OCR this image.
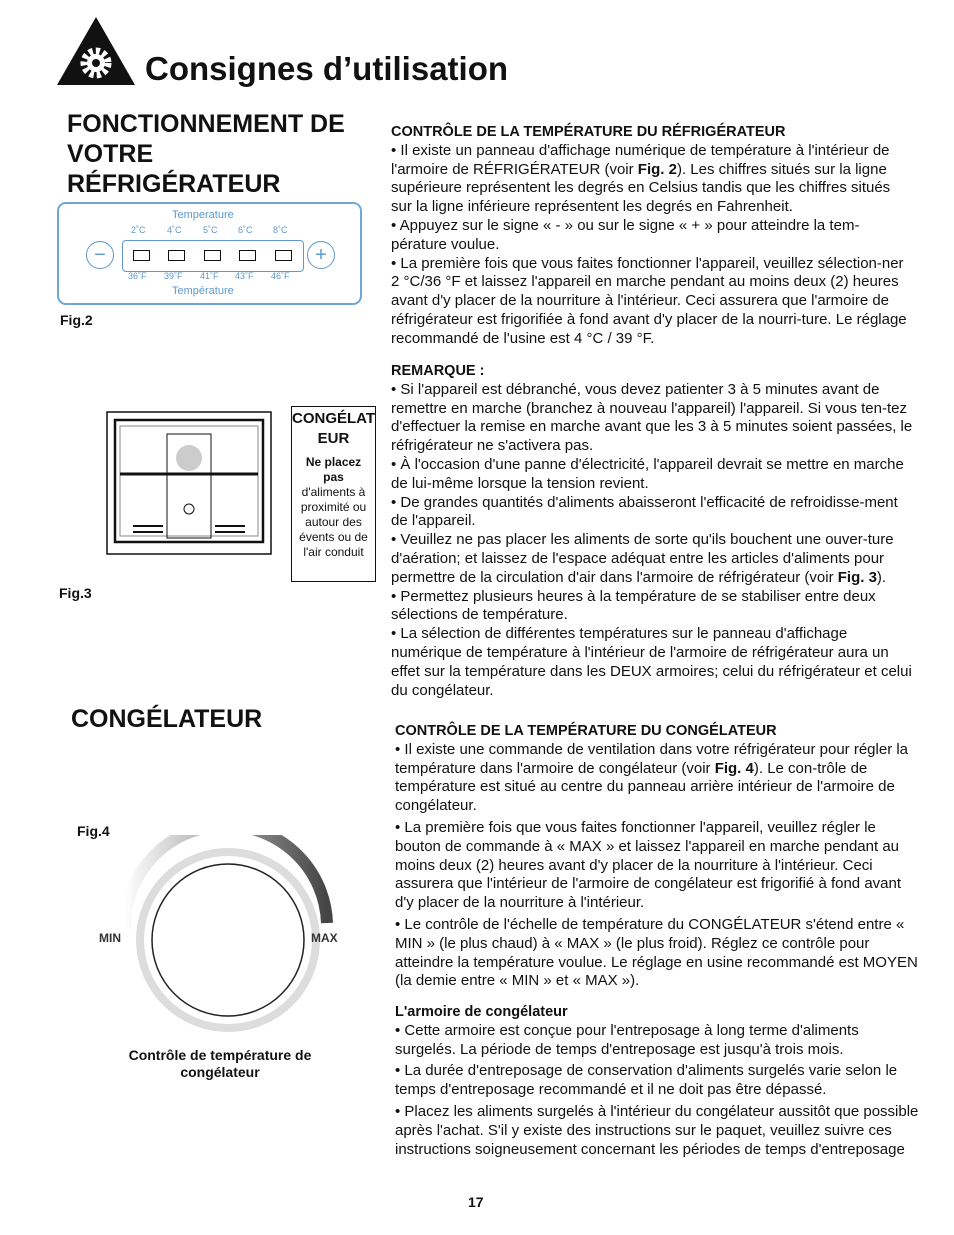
Consignes d’utilisation
FONCTIONNEMENT DE VOTRE RÉFRIGÉRATEUR
Temperature
2˚C 4˚C 5˚C 6˚C 8˚C
−	+
36˚F 39˚F 41˚F 43˚F 46˚F
Température
Fig.2
CONGÉLAT EUR
Ne placez pas
d'aliments à proximité ou autour des évents ou de l'air conduit
Fig.3
CONGÉLATEUR
Fig.4
MIN	MAX
Contrôle de température de congélateur
CONTRÔLE DE LA TEMPÉRATURE DU RÉFRIGÉRATEUR

• Il existe un panneau d'affichage numérique de température à l'intérieur de l'armoire de RÉFRIGÉRATEUR (voir Fig. 2). Les chiffres situés sur la ligne supérieure représentent les degrés en Celsius tandis que les chiffres situés sur la ligne inférieure représentent les degrés en Fahrenheit.

• Appuyez sur le signe « - » ou sur le signe « + » pour atteindre la tem-pérature voulue.

• La première fois que vous faites fonctionner l'appareil, veuillez sélection-ner 2 °C/36 °F et laissez l'appareil en marche pendant au moins deux (2) heures avant d'y placer de la nourriture à l'intérieur. Ceci assurera que l'armoire de réfrigérateur est frigorifiée à fond avant d'y placer de la nourri-ture. Le réglage recommandé de l'usine est 4 °C / 39 °F.

REMARQUE :

• Si l'appareil est débranché, vous devez patienter 3 à 5 minutes avant de remettre en marche (branchez à nouveau l'appareil) l'appareil. Si vous ten-tez d'effectuer la remise en marche avant que les 3 à 5 minutes soient passées, le réfrigérateur ne s'activera pas.

• À l'occasion d'une panne d'électricité, l'appareil devrait se mettre en marche de lui-même lorsque la tension revient.

• De grandes quantités d'aliments abaisseront l'efficacité de refroidisse-ment de l'appareil.

• Veuillez ne pas placer les aliments de sorte qu'ils bouchent une ouver-ture d'aération; et laissez de l'espace adéquat entre les articles d'aliments pour permettre de la circulation d'air dans l'armoire de réfrigérateur (voir Fig. 3).

• Permettez plusieurs heures à la température de se stabiliser entre deux sélections de température.

• La sélection de différentes températures sur le panneau d'affichage numérique de température à l'intérieur de l'armoire de réfrigérateur aura un effet sur la température dans les DEUX armoires; celui du réfrigérateur et celui du congélateur.

CONTRÔLE DE LA TEMPÉRATURE DU CONGÉLATEUR

• Il existe une commande de ventilation dans votre réfrigérateur pour régler la température dans l'armoire de congélateur (voir Fig. 4). Le con-trôle de température est situé au centre du panneau arrière intérieur de l'armoire de congélateur.

• La première fois que vous faites fonctionner l'appareil, veuillez régler le bouton de commande à « MAX » et laissez l'appareil en marche pendant au moins deux (2) heures avant d'y placer de la nourriture à l'intérieur. Ceci assurera que l'intérieur de l'armoire de congélateur est frigorifié à fond avant d'y placer de la nourriture à l'intérieur.

• Le contrôle de l'échelle de température du CONGÉLATEUR s'étend entre « MIN » (le plus chaud) à « MAX » (le plus froid). Réglez ce contrôle pour atteindre la température voulue. Le réglage en usine recommandé est MOYEN (la demie entre « MIN » et « MAX »).

L'armoire de congélateur

• Cette armoire est conçue pour l'entreposage à long terme d'aliments surgelés. La période de temps d'entreposage est jusqu'à trois mois.

• La durée d'entreposage de conservation d'aliments surgelés varie selon le temps d'entreposage recommandé et il ne doit pas être dépassé.

• Placez les aliments surgelés à l'intérieur du congélateur aussitôt que possible après l'achat. S'il y existe des instructions sur le paquet, veuillez suivre ces instructions soigneusement concernant les périodes de temps d'entreposage

17
